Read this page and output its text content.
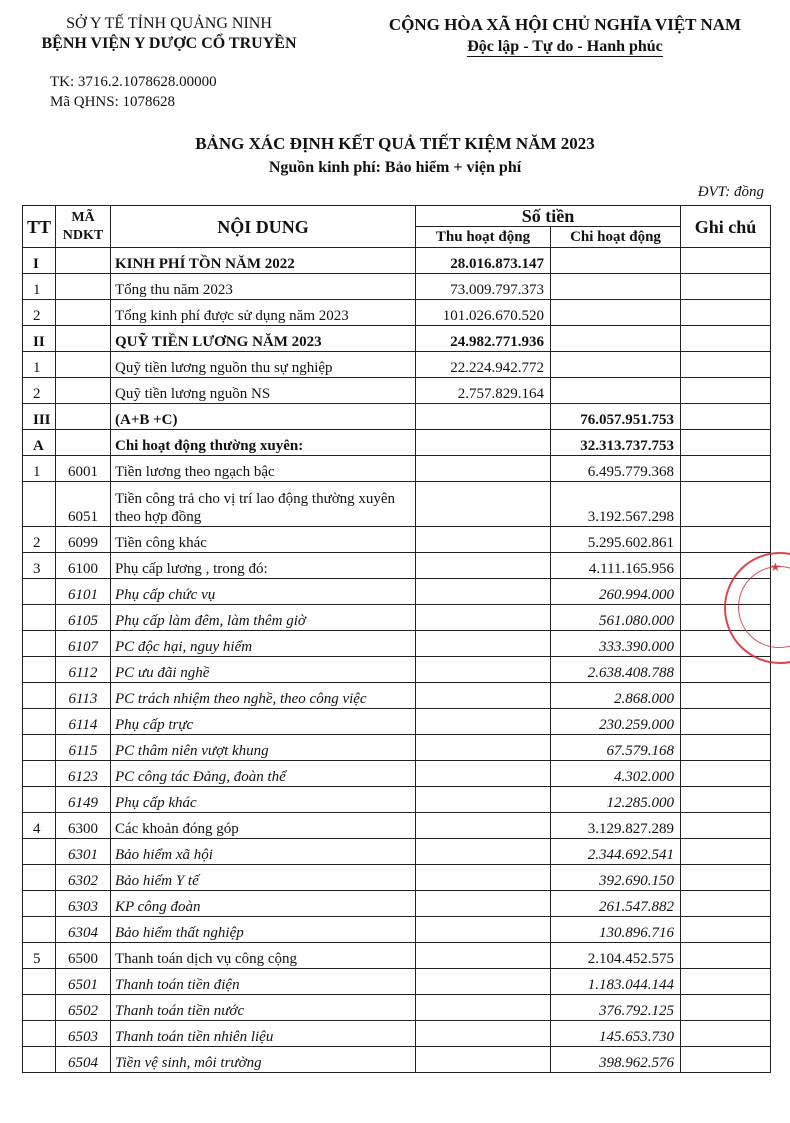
SỞ Y TẾ TỈNH QUẢNG NINH
BỆNH VIỆN Y DƯỢC CỔ TRUYỀN
CỘNG HÒA XÃ HỘI CHỦ NGHĨA VIỆT NAM
Độc lập - Tự do - Hanh phúc
TK: 3716.2.1078628.00000
Mã QHNS: 1078628
BẢNG XÁC ĐỊNH KẾT QUẢ TIẾT KIỆM NĂM 2023
Nguồn kinh phí: Bảo hiểm + viện phí
ĐVT: đồng
TT	MÃ NDKT	NỘI DUNG	Số tiền		Ghi chú
			Thu hoạt động	Chi hoạt động	
I		KINH PHÍ TỒN NĂM 2022	28.016.873.147		
1		Tổng thu năm 2023	73.009.797.373		
2		Tổng kinh phí được sử dụng năm 2023	101.026.670.520		
II		QUỸ TIỀN LƯƠNG NĂM 2023	24.982.771.936		
1		Quỹ tiền lương nguồn thu sự nghiệp	22.224.942.772		
2		Quỹ tiền lương nguồn NS	2.757.829.164		
III		(A+B +C)		76.057.951.753	
A		Chi hoạt động thường xuyên:		32.313.737.753	
1	6001	Tiền lương theo ngạch bậc		6.495.779.368	
	6051	Tiền công trả cho vị trí lao động thường xuyên theo hợp đồng		3.192.567.298	
2	6099	Tiền công khác		5.295.602.861	
3	6100	Phụ cấp lương , trong đó:		4.111.165.956	
	6101	Phụ cấp chức vụ		260.994.000	
	6105	Phụ cấp làm đêm, làm thêm giờ		561.080.000	
	6107	PC độc hại, nguy hiểm		333.390.000	
	6112	PC ưu đãi nghề		2.638.408.788	
	6113	PC trách nhiệm theo nghề, theo công việc		2.868.000	
	6114	Phụ cấp trực		230.259.000	
	6115	PC thâm niên vượt khung		67.579.168	
	6123	PC công tác Đảng, đoàn thể		4.302.000	
	6149	Phụ cấp khác		12.285.000	
4	6300	Các khoản đóng góp		3.129.827.289	
	6301	Bảo hiểm xã hội		2.344.692.541	
	6302	Bảo hiểm Y tế		392.690.150	
	6303	KP công đoàn		261.547.882	
	6304	Bảo hiểm thất nghiệp		130.896.716	
5	6500	Thanh toán dịch vụ công cộng		2.104.452.575	
	6501	Thanh toán tiền điện		1.183.044.144	
	6502	Thanh toán tiền nước		376.792.125	
	6503	Thanh toán tiền nhiên liệu		145.653.730	
	6504	Tiền vệ sinh, môi trường		398.962.576	
★
